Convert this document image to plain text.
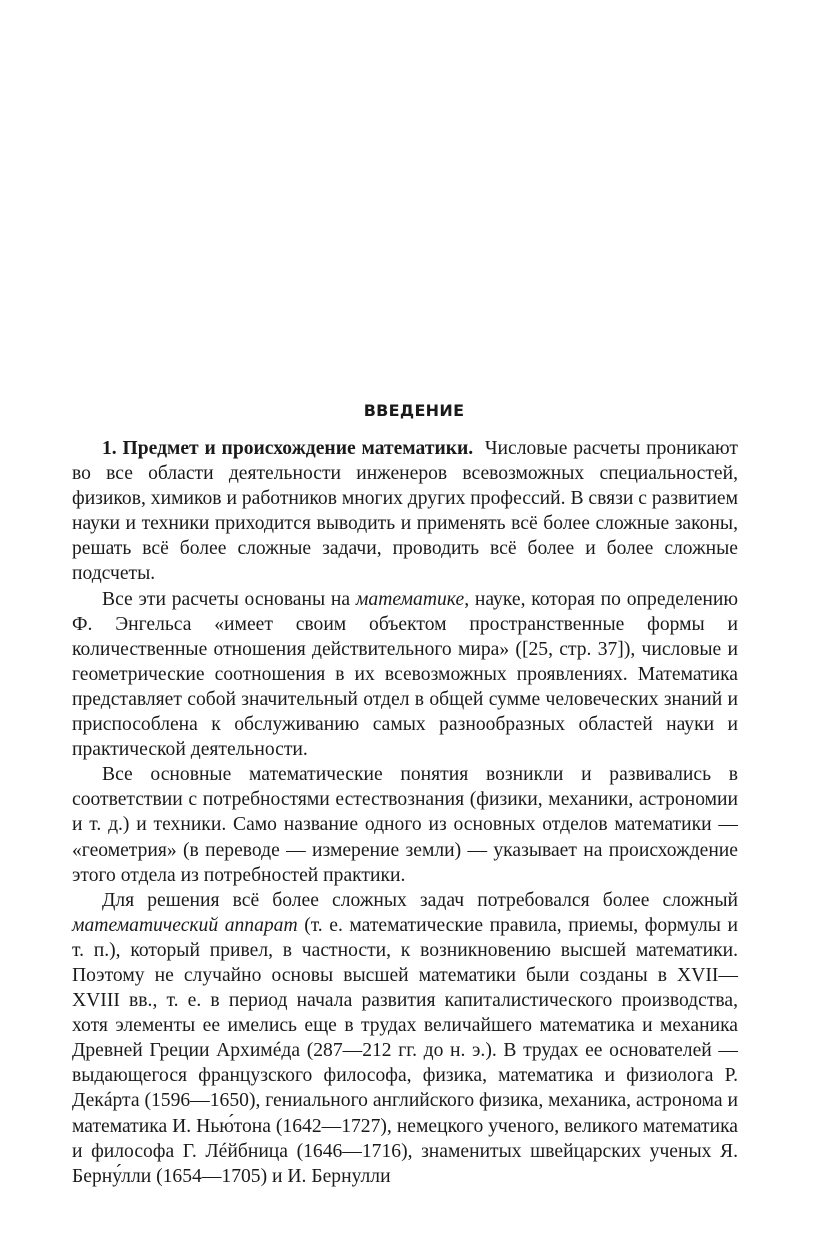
ВВЕДЕНИЕ

1. Предмет и происхождение математики. Числовые расчеты проникают во все области деятельности инженеров всевозможных специальностей, физиков, химиков и работников многих других профессий. В связи с развитием науки и техники приходится выводить и применять всё более сложные законы, решать всё более сложные задачи, проводить всё более и более сложные подсчеты.

Все эти расчеты основаны на математике, науке, которая по определению Ф. Энгельса «имеет своим объектом пространственные формы и количественные отношения действительного мира» ([25, стр. 37]), числовые и геометрические соотношения в их всевозможных проявлениях. Математика представляет собой значительный отдел в общей сумме человеческих знаний и приспособлена к обслуживанию самых разнообразных областей науки и практической деятельности.

Все основные математические понятия возникли и развивались в соответствии с потребностями естествознания (физики, механики, астрономии и т. д.) и техники. Само название одного из основных отделов математики — «геометрия» (в переводе — измерение земли) — указывает на происхождение этого отдела из потребностей практики.

Для решения всё более сложных задач потребовался более сложный математический аппарат (т. е. математические правила, приемы, формулы и т. п.), который привел, в частности, к возникновению высшей математики. Поэтому не случайно основы высшей математики были созданы в XVII—XVIII вв., т. е. в период начала развития капиталистического производства, хотя элементы ее имелись еще в трудах величайшего математика и механика Древней Греции Архимéда (287—212 гг. до н. э.). В трудах ее основателей — выдающегося французского философа, физика, математика и физиолога Р. Декáрта (1596—1650), гениального английского физика, механика, астронома и математика И. Нью́тона (1642—1727), немецкого ученого, великого математика и философа Г. Лéйбница (1646—1716), знаменитых швейцарских ученых Я. Берну́лли (1654—1705) и И. Бернулли
